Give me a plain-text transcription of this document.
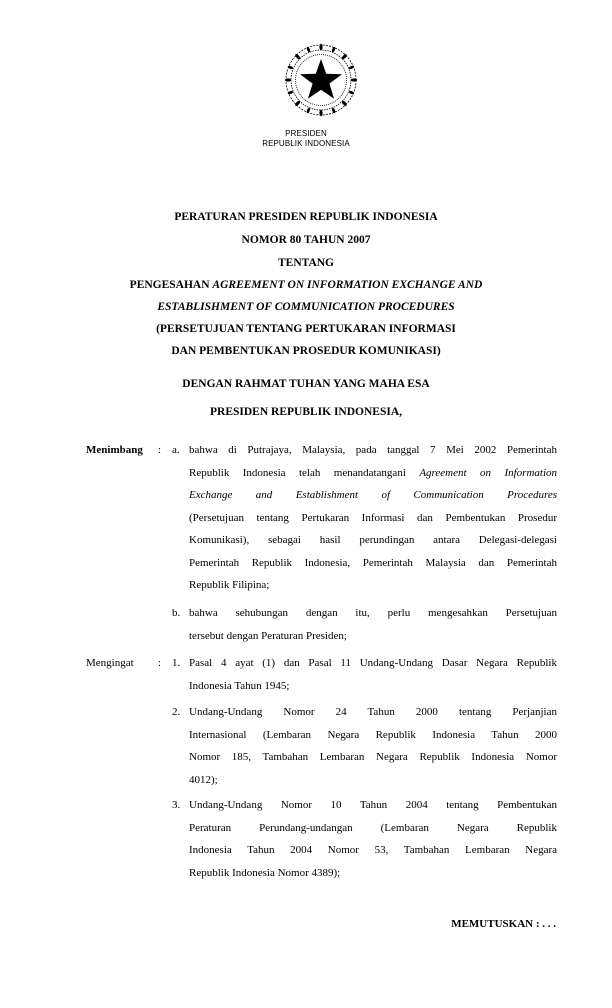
PRESIDEN
REPUBLIK INDONESIA
PERATURAN PRESIDEN REPUBLIK INDONESIA
NOMOR 80 TAHUN 2007
TENTANG
PENGESAHAN AGREEMENT ON INFORMATION EXCHANGE AND
ESTABLISHMENT OF COMMUNICATION PROCEDURES
(PERSETUJUAN TENTANG PERTUKARAN INFORMASI
DAN PEMBENTUKAN PROSEDUR KOMUNIKASI)
DENGAN RAHMAT TUHAN YANG MAHA ESA
PRESIDEN REPUBLIK INDONESIA,
Menimbang : a. bahwa di Putrajaya, Malaysia, pada tanggal 7 Mei 2002 Pemerintah
Republik Indonesia telah menandatangani Agreement on Information
Exchange and Establishment of Communication Procedures
(Persetujuan tentang Pertukaran Informasi dan Pembentukan Prosedur
Komunikasi), sebagai hasil perundingan antara Delegasi-delegasi
Pemerintah Republik Indonesia, Pemerintah Malaysia dan Pemerintah
Republik Filipina;
b. bahwa sehubungan dengan itu, perlu mengesahkan Persetujuan
tersebut dengan Peraturan Presiden;
Mengingat : 1. Pasal 4 ayat (1) dan Pasal 11 Undang-Undang Dasar Negara Republik
Indonesia Tahun 1945;
2. Undang-Undang Nomor 24 Tahun 2000 tentang Perjanjian
Internasional (Lembaran Negara Republik Indonesia Tahun 2000
Nomor 185, Tambahan Lembaran Negara Republik Indonesia Nomor
4012);
3. Undang-Undang Nomor 10 Tahun 2004 tentang Pembentukan
Peraturan Perundang-undangan (Lembaran Negara Republik
Indonesia Tahun 2004 Nomor 53, Tambahan Lembaran Negara
Republik Indonesia Nomor 4389);
MEMUTUSKAN : . . .
